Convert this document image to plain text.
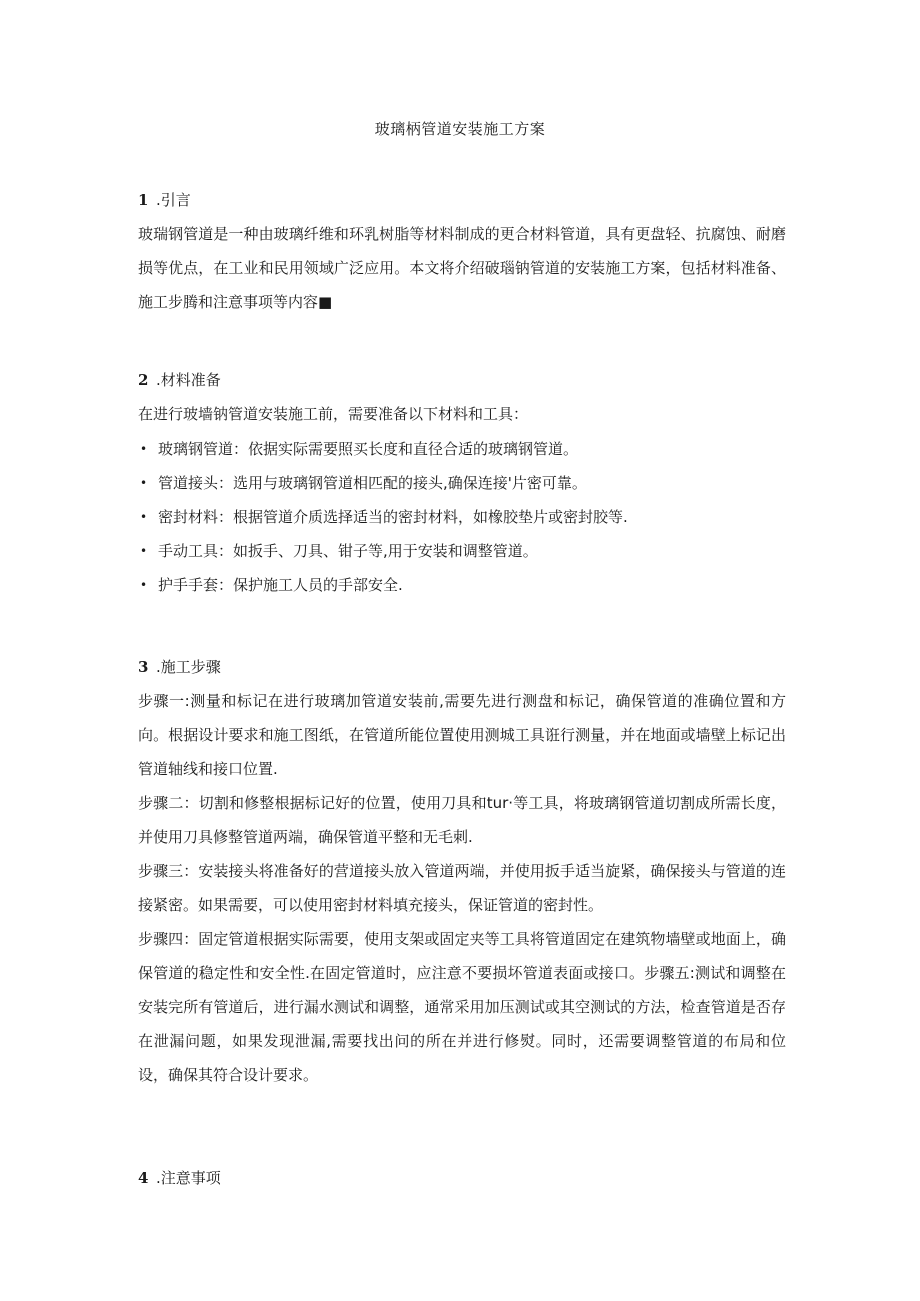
玻璃柄管道安装施工方案
1 .引言
玻瑞钢管道是一种由玻璃纤维和环乳树脂等材料制成的更合材料管道，具有更盘轻、抗腐蚀、耐磨损等优点，在工业和民用领域广泛应用。本文将介绍破瑙钠管道的安装施工方案，包括材料准备、施工步腾和注意事项等内容■
2 .材料准备
在进行玻墙钠管道安装施工前，需要准备以下材料和工具：
• 玻璃钢管道：依据实际需要照买长度和直径合适的玻璃钢管道。
• 管道接头：选用与玻璃钢管道相匹配的接头,确保连接'片密可靠。
• 密封材料：根据管道介质选择适当的密封材料，如橡胶垫片或密封胶等.
• 手动工具：如扳手、刀具、钳子等,用于安装和调整管道。
• 护手手套：保护施工人员的手部安全.
3 .施工步骤
步骤一:测量和标记在进行玻璃加管道安装前,需要先进行测盘和标记，确保管道的准确位置和方向。根据设计要求和施工图纸，在管道所能位置使用测城工具诳行测量，并在地面或墙壁上标记出管道轴线和接口位置.
步骤二：切割和修整根据标记好的位置，使用刀具和tur·等工具，将玻璃钢管道切割成所需长度，并使用刀具修整管道两端，确保管道平整和无毛刺.
步骤三：安装接头将准备好的营道接头放入管道两端，并使用扳手适当旋紧，确保接头与管道的连接紧密。如果需要，可以使用密封材料填充接头，保证管道的密封性。
步骤四：固定管道根据实际需要，使用支架或固定夹等工具将管道固定在建筑物墙壁或地面上，确保管道的稳定性和安全性.在固定管道时，应注意不要损坏管道表面或接口。步骤五:测试和调整在安装完所有管道后，进行漏水测试和调整，通常采用加压测试或其空测试的方法，检查管道是否存在泄漏问题，如果发现泄漏,需要找出问的所在并进行修熨。同时，还需要调整管道的布局和位设，确保其符合设计要求。
4 .注意事项
